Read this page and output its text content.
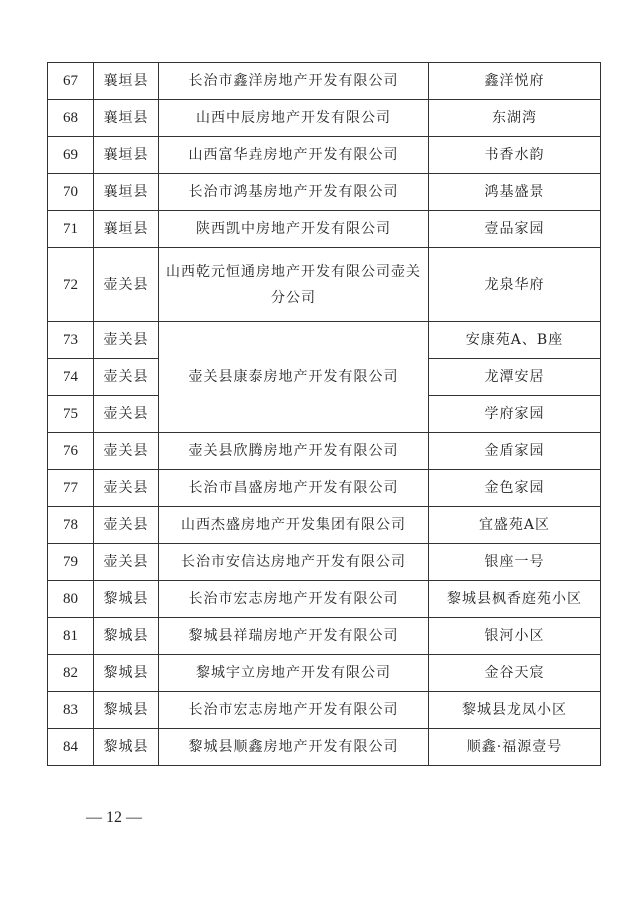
67	襄垣县	长治市鑫洋房地产开发有限公司	鑫洋悦府
68	襄垣县	山西中辰房地产开发有限公司	东湖湾
69	襄垣县	山西富华垚房地产开发有限公司	书香水韵
70	襄垣县	长治市鸿基房地产开发有限公司	鸿基盛景
71	襄垣县	陕西凯中房地产开发有限公司	壹品家园
72	壶关县	山西乾元恒通房地产开发有限公司壶关分公司	龙泉华府
73	壶关县	壶关县康泰房地产开发有限公司	安康苑A、B座
74	壶关县		龙潭安居
75	壶关县		学府家园
76	壶关县	壶关县欣腾房地产开发有限公司	金盾家园
77	壶关县	长治市昌盛房地产开发有限公司	金色家园
78	壶关县	山西杰盛房地产开发集团有限公司	宜盛苑A区
79	壶关县	长治市安信达房地产开发有限公司	银座一号
80	黎城县	长治市宏志房地产开发有限公司	黎城县枫香庭苑小区
81	黎城县	黎城县祥瑞房地产开发有限公司	银河小区
82	黎城县	黎城宇立房地产开发有限公司	金谷天宸
83	黎城县	长治市宏志房地产开发有限公司	黎城县龙凤小区
84	黎城县	黎城县顺鑫房地产开发有限公司	顺鑫·福源壹号
— 12 —
